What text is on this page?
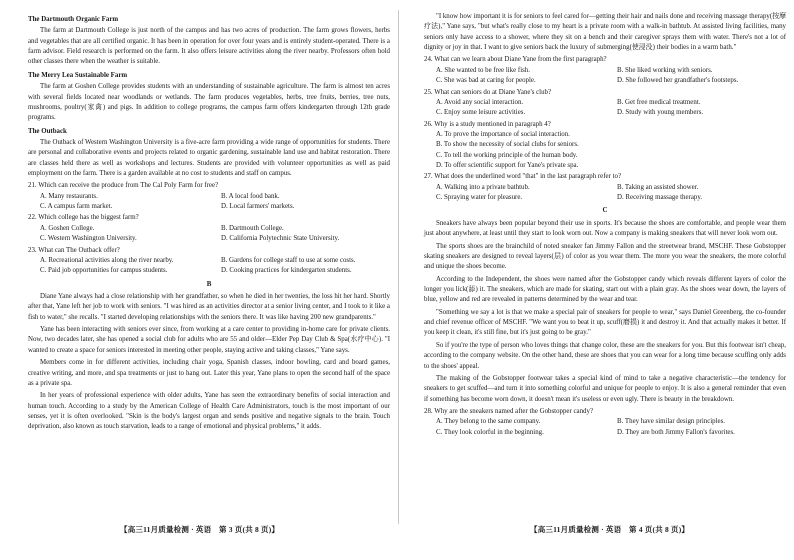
The Dartmouth Organic Farm

The farm at Dartmouth College is just north of the campus and has two acres of production. The farm grows flowers, herbs and vegetables that are all certified organic. It has been in operation for over four years and is entirely student-operated. There is a farm advisor. Field research is performed on the farm. It also offers leisure activities along the river nearby. Professors often hold other classes there when the weather is suitable.

The Merry Lea Sustainable Farm

The farm at Goshen College provides students with an understanding of sustainable agriculture. The farm is almost ten acres with several fields located near woodlands or wetlands. The farm produces vegetables, herbs, tree fruits, berries, tree nuts, mushrooms, poultry(家禽) and pigs. In addition to college programs, the campus farm offers kindergarten through 12th grade programs.

The Outback

The Outback of Western Washington University is a five-acre farm providing a wide range of opportunities for students. There are personal and collaborative events and projects related to organic gardening, sustainable land use and habitat restoration. There are classes held there as well as workshops and lectures. Students are provided with volunteer opportunities as well as paid employment on the farm. There is a garden available at no cost to students and staff on campus.

21. Which can receive the produce from The Cal Poly Farm for free?

A. Many restaurants.	B. A local food bank.
C. A campus farm market.	D. Local farmers' markets.

22. Which college has the biggest farm?

A. Goshen College.	B. Dartmouth College.
C. Western Washington University.	D. California Polytechnic State University.

23. What can The Outback offer?

A. Recreational activities along the river nearby.	B. Gardens for college staff to use at some costs.
C. Paid job opportunities for campus students.	D. Cooking practices for kindergarten students.

B

Diane Yane always had a close relationship with her grandfather, so when he died in her twenties, the loss hit her hard. Shortly after that, Yane left her job to work with seniors. "I was hired as an activities director at a senior living center, and I took to it like a fish to water," she recalls. "I started developing relationships with the seniors there. It was like having 200 new grandparents."

Yane has been interacting with seniors ever since, from working at a care center to providing in-home care for private clients. Now, two decades later, she has opened a social club for adults who are 55 and older—Elder Pep Day Club & Spa(水疗中心). "I wanted to create a space for seniors interested in meeting other people, staying active and taking classes," Yane says.

Members come in for different activities, including chair yoga, Spanish classes, indoor bowling, card and board games, creative writing, and more, and spa treatments or just to hang out. Later this year, Yane plans to open the second half of the space as a private spa.

In her years of professional experience with older adults, Yane has seen the extraordinary benefits of social interaction and human touch. According to a study by the American College of Health Care Administrators, touch is the most important of our senses, yet it is often overlooked. "Skin is the body's largest organ and sends positive and negative signals to the brain. Touch deprivation, also known as touch starvation, leads to a range of emotional and physical problems," it adds.

"I know how important it is for seniors to feel cared for—getting their hair and nails done and receiving massage therapy(按摩疗法)," Yane says, "but what's really close to my heart is a private room with a walk-in bathtub. At assisted living facilities, many seniors only have access to a shower, where they sit on a bench and their caregiver sprays them with water. There's not a lot of dignity or joy in that. I want to give seniors back the luxury of submerging(使浸没) their bodies in a warm bath."

24. What can we learn about Diane Yane from the first paragraph?

A. She wanted to be free like fish.	B. She liked working with seniors.
C. She was bad at caring for people.	D. She followed her grandfather's footsteps.

25. What can seniors do at Diane Yane's club?

A. Avoid any social interaction.	B. Get free medical treatment.
C. Enjoy some leisure activities.	D. Study with young members.

26. Why is a study mentioned in paragraph 4?

A. To prove the importance of social interaction.
B. To show the necessity of social clubs for seniors.
C. To tell the working principle of the human body.
D. To offer scientific support for Yane's private spa.

27. What does the underlined word "that" in the last paragraph refer to?

A. Walking into a private bathtub.	B. Taking an assisted shower.
C. Spraying water for pleasure.	D. Receiving massage therapy.

C

Sneakers have always been popular beyond their use in sports. It's because the shoes are comfortable, and people wear them just about anywhere, at least until they start to look worn out. Now a company is making sneakers that will never look worn out.

The sports shoes are the brainchild of noted sneaker fan Jimmy Fallon and the streetwear brand, MSCHF. These Gobstopper skating sneakers are designed to reveal layers(层) of color as you wear them. The more you wear the sneakers, the more colorful and unique the shoes become.

According to the Independent, the shoes were named after the Gobstopper candy which reveals different layers of color the longer you lick(舔) it. The sneakers, which are made for skating, start out with a plain gray. As the shoes wear down, the layers of blue, yellow and red are revealed in patterns determined by the wear and tear.

"Something we say a lot is that we make a special pair of sneakers for people to wear," says Daniel Greenberg, the co-founder and chief revenue officer of MSCHF. "We want you to beat it up, scuff(磨损) it and destroy it. And that actually makes it better. If you keep it clean, it's still fine, but it's just going to be gray."

So if you're the type of person who loves things that change color, these are the sneakers for you. But this footwear isn't cheap, according to the company website. On the other hand, these are shoes that you can wear for a long time because scuffing only adds to the shoes' appeal.

The making of the Gobstopper footwear takes a special kind of mind to take a negative characteristic—the tendency for sneakers to get scuffed—and turn it into something colorful and unique for people to enjoy. It is also a general reminder that even if something has become worn down, it doesn't mean it's useless or even ugly. There is beauty in the breakdown.

28. Why are the sneakers named after the Gobstopper candy?

A. They belong to the same company.	B. They have similar design principles.
C. They look colorful in the beginning.	D. They are both Jimmy Fallon's favorites.
【高三11月质量检测 · 英语　第 3 页(共 8 页)】	【高三11月质量检测 · 英语　第 4 页(共 8 页)】
